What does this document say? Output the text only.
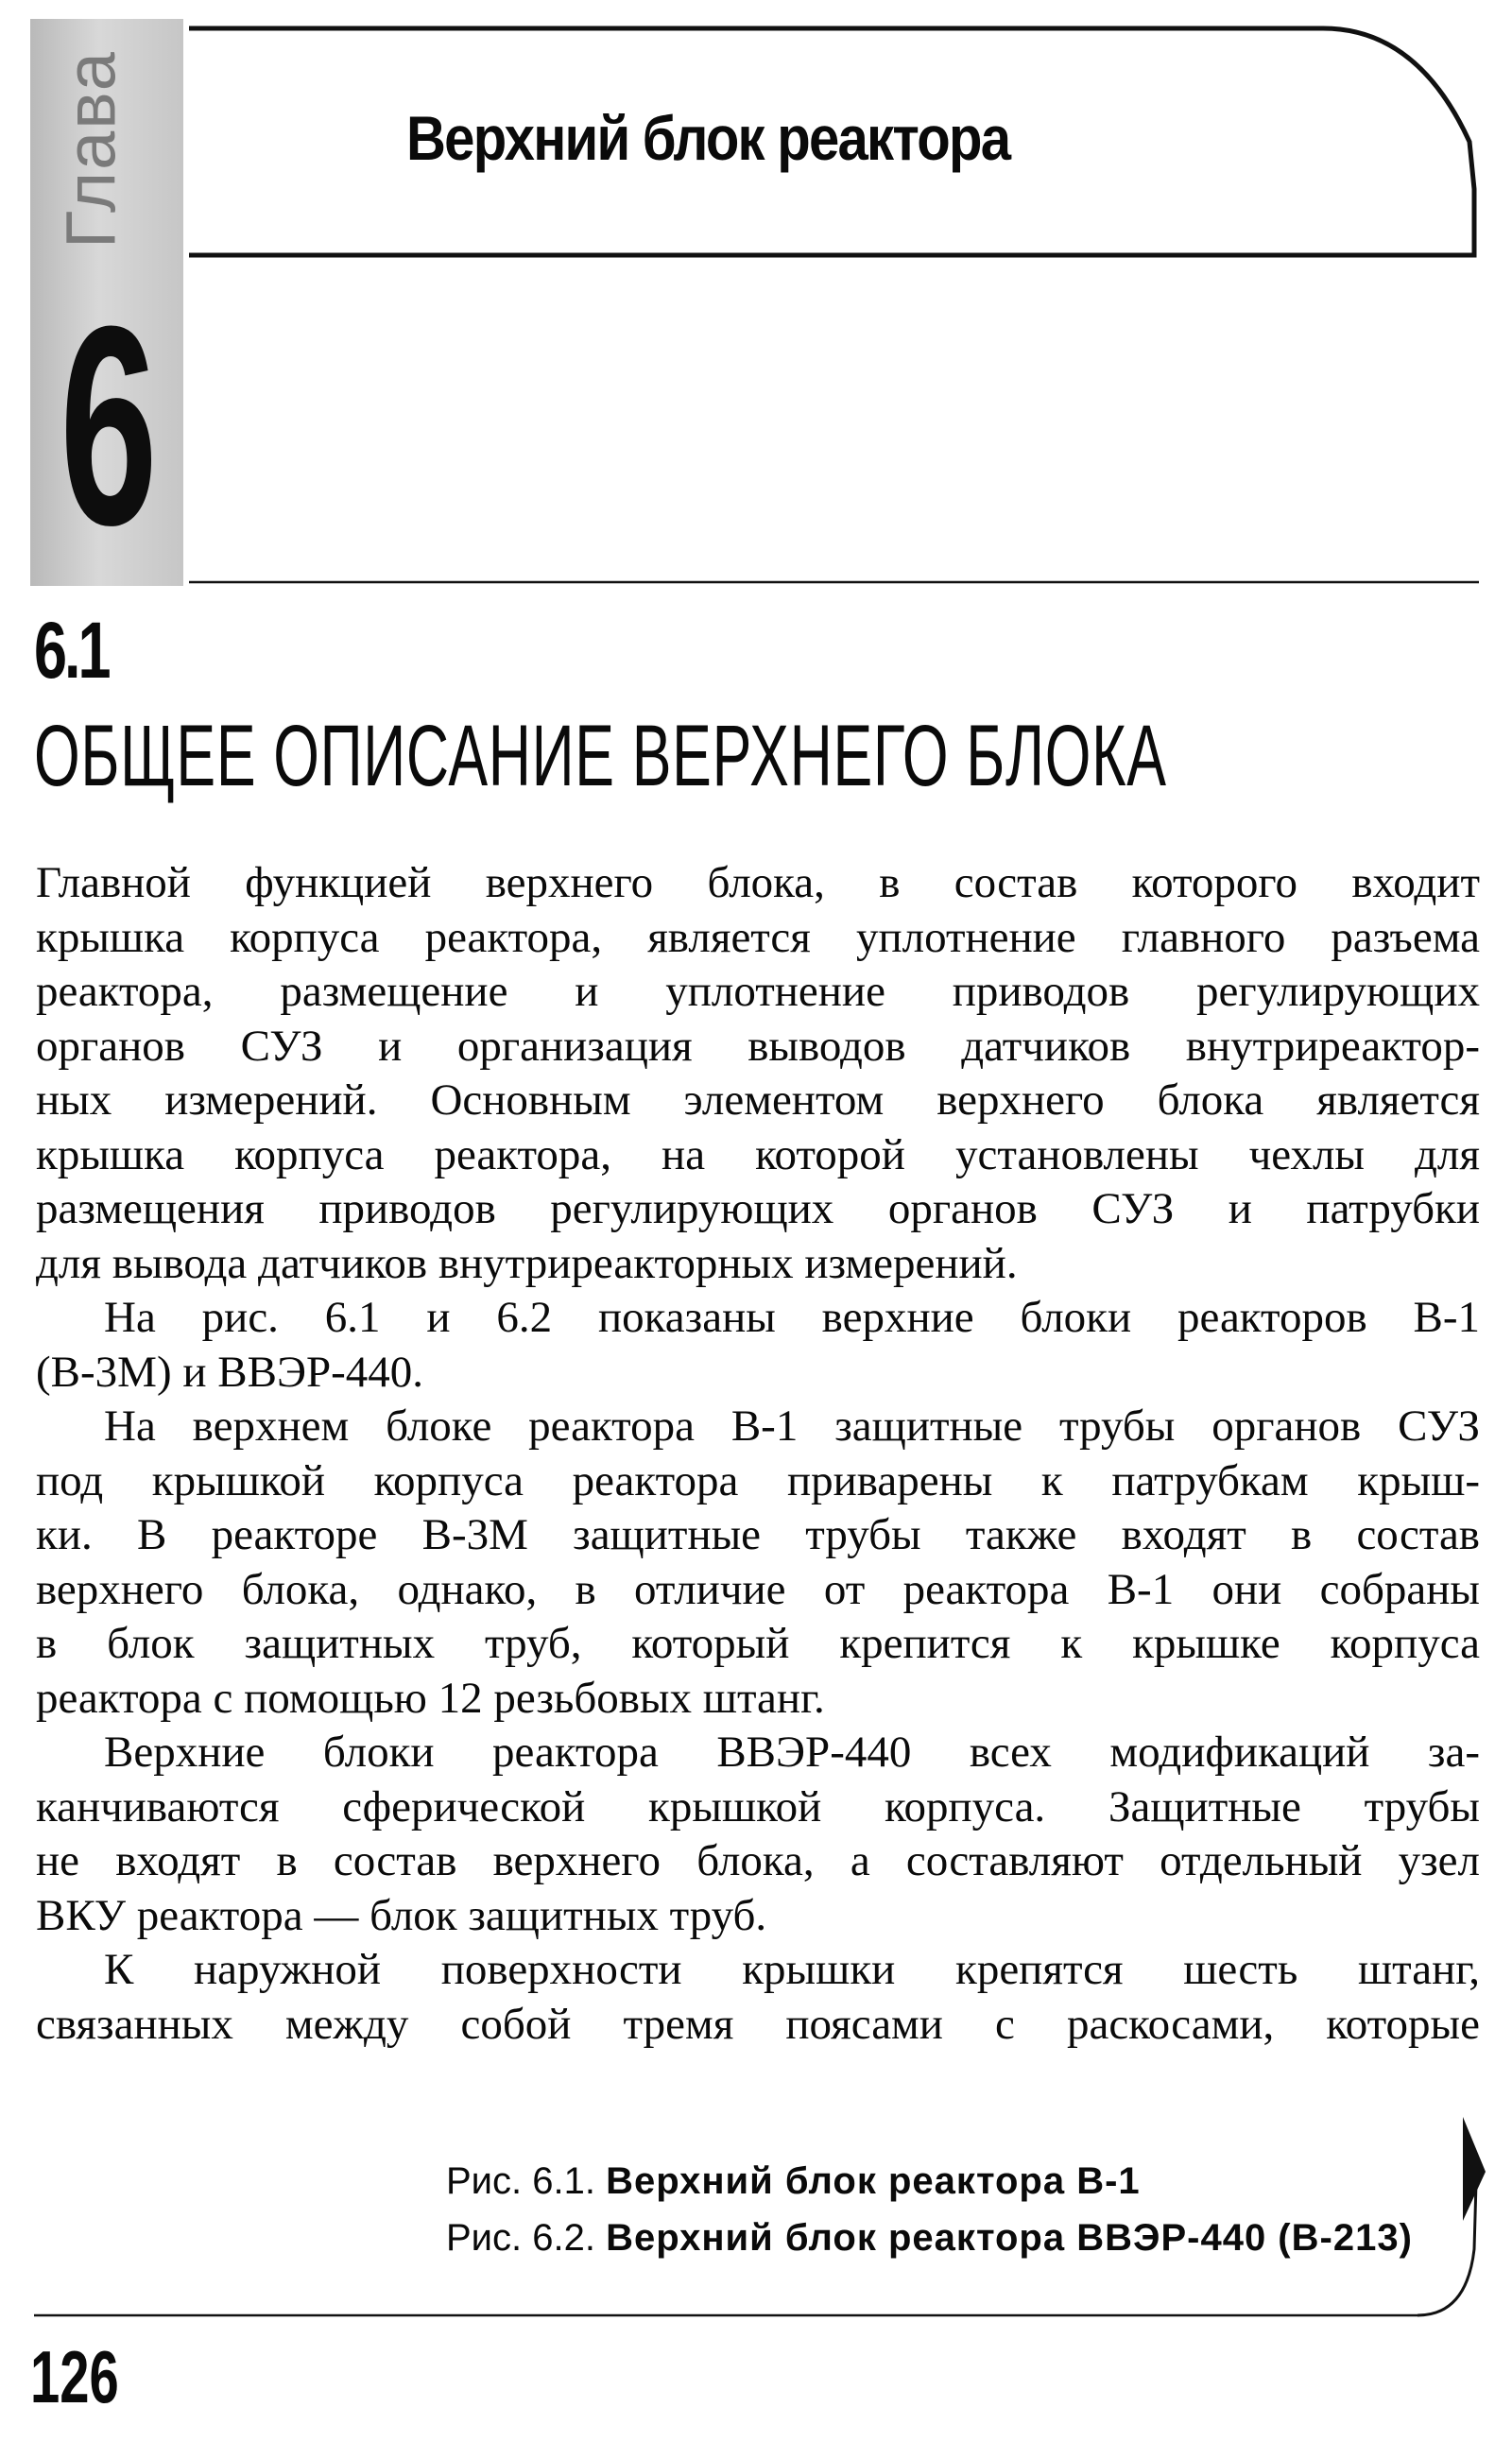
Глава
6
Верхний блок реактора
6.1
ОБЩЕЕ ОПИСАНИЕ ВЕРХНЕГО БЛОКА
Главной функцией верхнего блока, в состав которого входит
крышка корпуса реактора, является уплотнение главного разъема
реактора, размещение и уплотнение приводов регулирующих
органов СУЗ и организация выводов датчиков внутриреактор-
ных измерений. Основным элементом верхнего блока является
крышка корпуса реактора, на которой установлены чехлы для
размещения приводов регулирующих органов СУЗ и патрубки
для вывода датчиков внутриреакторных измерений.
На рис. 6.1 и 6.2 показаны верхние блоки реакторов В-1
(В-3М) и ВВЭР-440.
На верхнем блоке реактора В-1 защитные трубы органов СУЗ
под крышкой корпуса реактора приварены к патрубкам крыш-
ки. В реакторе В-3М защитные трубы также входят в состав
верхнего блока, однако, в отличие от реактора В-1 они собраны
в блок защитных труб, который крепится к крышке корпуса
реактора с помощью 12 резьбовых штанг.
Верхние блоки реактора ВВЭР-440 всех модификаций за-
канчиваются сферической крышкой корпуса. Защитные трубы
не входят в состав верхнего блока, а составляют отдельный узел
ВКУ реактора — блок защитных труб.
К наружной поверхности крышки крепятся шесть штанг,
связанных между собой тремя поясами с раскосами, которые
Рис. 6.1. Верхний блок реактора В-1
Рис. 6.2. Верхний блок реактора ВВЭР-440 (В-213)
126
